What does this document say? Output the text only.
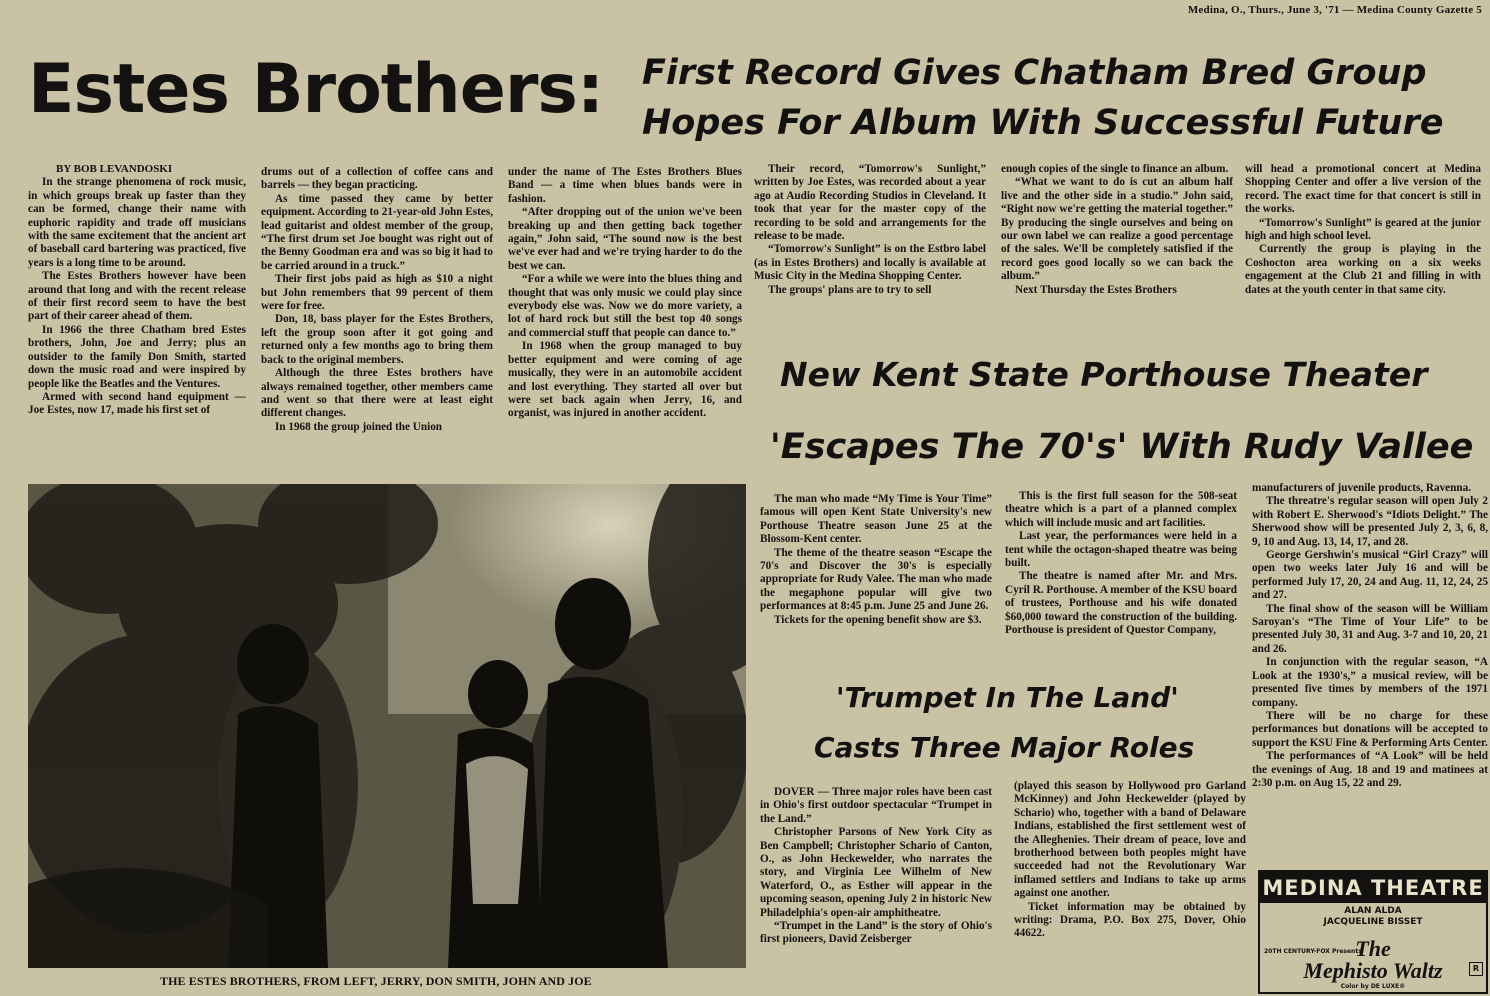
Medina, O., Thurs., June 3, '71 — Medina County Gazette 5
Estes Brothers:	First Record Gives Chatham Bred Group
Hopes For Album With Successful Future

BY BOB LEVANDOSKI

In the strange phenomena of rock music, in which groups break up faster than they can be formed, change their name with euphoric rapidity and trade off musicians with the same excitement that the ancient art of baseball card bartering was practiced, five years is a long time to be around.

The Estes Brothers however have been around that long and with the recent release of their first record seem to have the best part of their career ahead of them.

In 1966 the three Chatham bred Estes brothers, John, Joe and Jerry; plus an outsider to the family Don Smith, started down the music road and were inspired by people like the Beatles and the Ventures.

Armed with second hand equipment — Joe Estes, now 17, made his first set of

drums out of a collection of coffee cans and barrels — they began practicing.

As time passed they came by better equipment. According to 21-year-old John Estes, lead guitarist and oldest member of the group, “The first drum set Joe bought was right out of the Benny Goodman era and was so big it had to be carried around in a truck.”

Their first jobs paid as high as $10 a night but John remembers that 99 percent of them were for free.

Don, 18, bass player for the Estes Brothers, left the group soon after it got going and returned only a few months ago to bring them back to the original members.

Although the three Estes brothers have always remained together, other members came and went so that there were at least eight different changes.

In 1968 the group joined the Union

under the name of The Estes Brothers Blues Band — a time when blues bands were in fashion.

“After dropping out of the union we've been breaking up and then getting back together again,” John said, “The sound now is the best we've ever had and we're trying harder to do the best we can.

“For a while we were into the blues thing and thought that was only music we could play since everybody else was. Now we do more variety, a lot of hard rock but still the best top 40 songs and commercial stuff that people can dance to.”

In 1968 when the group managed to buy better equipment and were coming of age musically, they were in an automobile accident and lost everything. They started all over but were set back again when Jerry, 16, and organist, was injured in another accident.

Their record, “Tomorrow's Sunlight,” written by Joe Estes, was recorded about a year ago at Audio Recording Studios in Cleveland. It took that year for the master copy of the recording to be sold and arrangements for the release to be made.

“Tomorrow's Sunlight” is on the Estbro label (as in Estes Brothers) and locally is available at Music City in the Medina Shopping Center.

The groups' plans are to try to sell

enough copies of the single to finance an album.

“What we want to do is cut an album half live and the other side in a studio.” John said, “Right now we're getting the material together.” By producing the single ourselves and being on our own label we can realize a good percentage of the sales. We'll be completely satisfied if the record goes good locally so we can back the album.”

Next Thursday the Estes Brothers

will head a promotional concert at Medina Shopping Center and offer a live version of the record. The exact time for that concert is still in the works.

“Tomorrow's Sunlight” is geared at the junior high and high school level.

Currently the group is playing in the Coshocton area working on a six weeks engagement at the Club 21 and filling in with dates at the youth center in that same city.

THE ESTES BROTHERS, FROM LEFT, JERRY, DON SMITH, JOHN AND JOE
New Kent State Porthouse Theater
'Escapes The 70's' With Rudy Vallee

The man who made “My Time is Your Time” famous will open Kent State University's new Porthouse Theatre season June 25 at the Blossom-Kent center.

The theme of the theatre season “Escape the 70's and Discover the 30's is especially appropriate for Rudy Valee. The man who made the megaphone popular will give two performances at 8:45 p.m. June 25 and June 26.

Tickets for the opening benefit show are $3.

This is the first full season for the 508-seat theatre which is a part of a planned complex which will include music and art facilities.

Last year, the performances were held in a tent while the octagon-shaped theatre was being built.

The theatre is named after Mr. and Mrs. Cyril R. Porthouse. A member of the KSU board of trustees, Porthouse and his wife donated $60,000 toward the construction of the building. Porthouse is president of Questor Company,

manufacturers of juvenile products, Ravenna.

The threatre's regular season will open July 2 with Robert E. Sherwood's “Idiots Delight.” The Sherwood show will be presented July 2, 3, 6, 8, 9, 10 and Aug. 13, 14, 17, and 28.

George Gershwin's musical “Girl Crazy” will open two weeks later July 16 and will be performed July 17, 20, 24 and Aug. 11, 12, 24, 25 and 27.

The final show of the season will be William Saroyan's “The Time of Your Life” to be presented July 30, 31 and Aug. 3-7 and 10, 20, 21 and 26.

In conjunction with the regular season, “A Look at the 1930's,” a musical review, will be presented five times by members of the 1971 company.

There will be no charge for these performances but donations will be accepted to support the KSU Fine & Performing Arts Center.

The performances of “A Look” will be held the evenings of Aug. 18 and 19 and matinees at 2:30 p.m. on Aug 15, 22 and 29.

'Trumpet In The Land'
Casts Three Major Roles

DOVER — Three major roles have been cast in Ohio's first outdoor spectacular “Trumpet in the Land.”

Christopher Parsons of New York City as Ben Campbell; Christopher Schario of Canton, O., as John Heckewelder, who narrates the story, and Virginia Lee Wilhelm of New Waterford, O., as Esther will appear in the upcoming season, opening July 2 in historic New Philadelphia's open-air amphitheatre.

“Trumpet in the Land” is the story of Ohio's first pioneers, David Zeisberger

(played this season by Hollywood pro Garland McKinney) and John Heckewelder (played by Schario) who, together with a band of Delaware Indians, established the first settlement west of the Alleghenies. Their dream of peace, love and brotherhood between both peoples might have succeeded had not the Revolutionary War inflamed settlers and Indians to take up arms against one another.

Ticket information may be obtained by writing: Drama, P.O. Box 275, Dover, Ohio 44622.

MEDINA THEATRE
ALAN ALDA
JACQUELINE BISSET
20TH CENTURY-FOX Presents
The
Mephisto Waltz
Color by DE LUXE®
R
